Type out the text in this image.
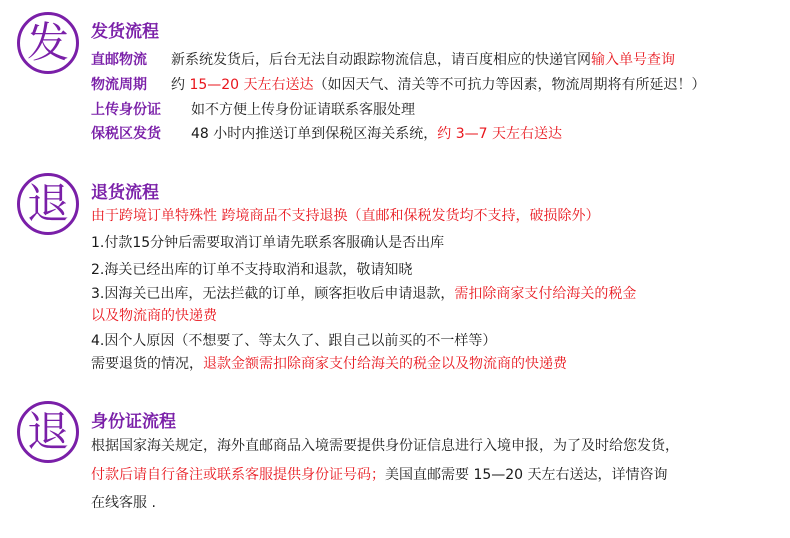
发 发货流程
直邮物流 新系统发货后，后台无法自动跟踪物流信息，请百度相应的快递官网输入单号查询
物流周期 约 15—20 天左右送达（如因天气、清关等不可抗力等因素，物流周期将有所延迟！）
上传身份证 如不方便上传身份证请联系客服处理
保税区发货 48 小时内推送订单到保税区海关系统，约 3—7 天左右送达
退 退货流程
由于跨境订单特殊性 跨境商品不支持退换（直邮和保税发货均不支持，破损除外）
1.付款15分钟后需要取消订单请先联系客服确认是否出库
2.海关已经出库的订单不支持取消和退款，敬请知晓
3.因海关已出库，无法拦截的订单，顾客拒收后申请退款，需扣除商家支付给海关的税金
以及物流商的快递费
4.因个人原因（不想要了、等太久了、跟自己以前买的不一样等）
需要退货的情况，退款金额需扣除商家支付给海关的税金以及物流商的快递费
退 身份证流程
根据国家海关规定，海外直邮商品入境需要提供身份证信息进行入境申报，为了及时给您发货，
付款后请自行备注或联系客服提供身份证号码；美国直邮需要 15—20 天左右送达，详情咨询
在线客服 .
